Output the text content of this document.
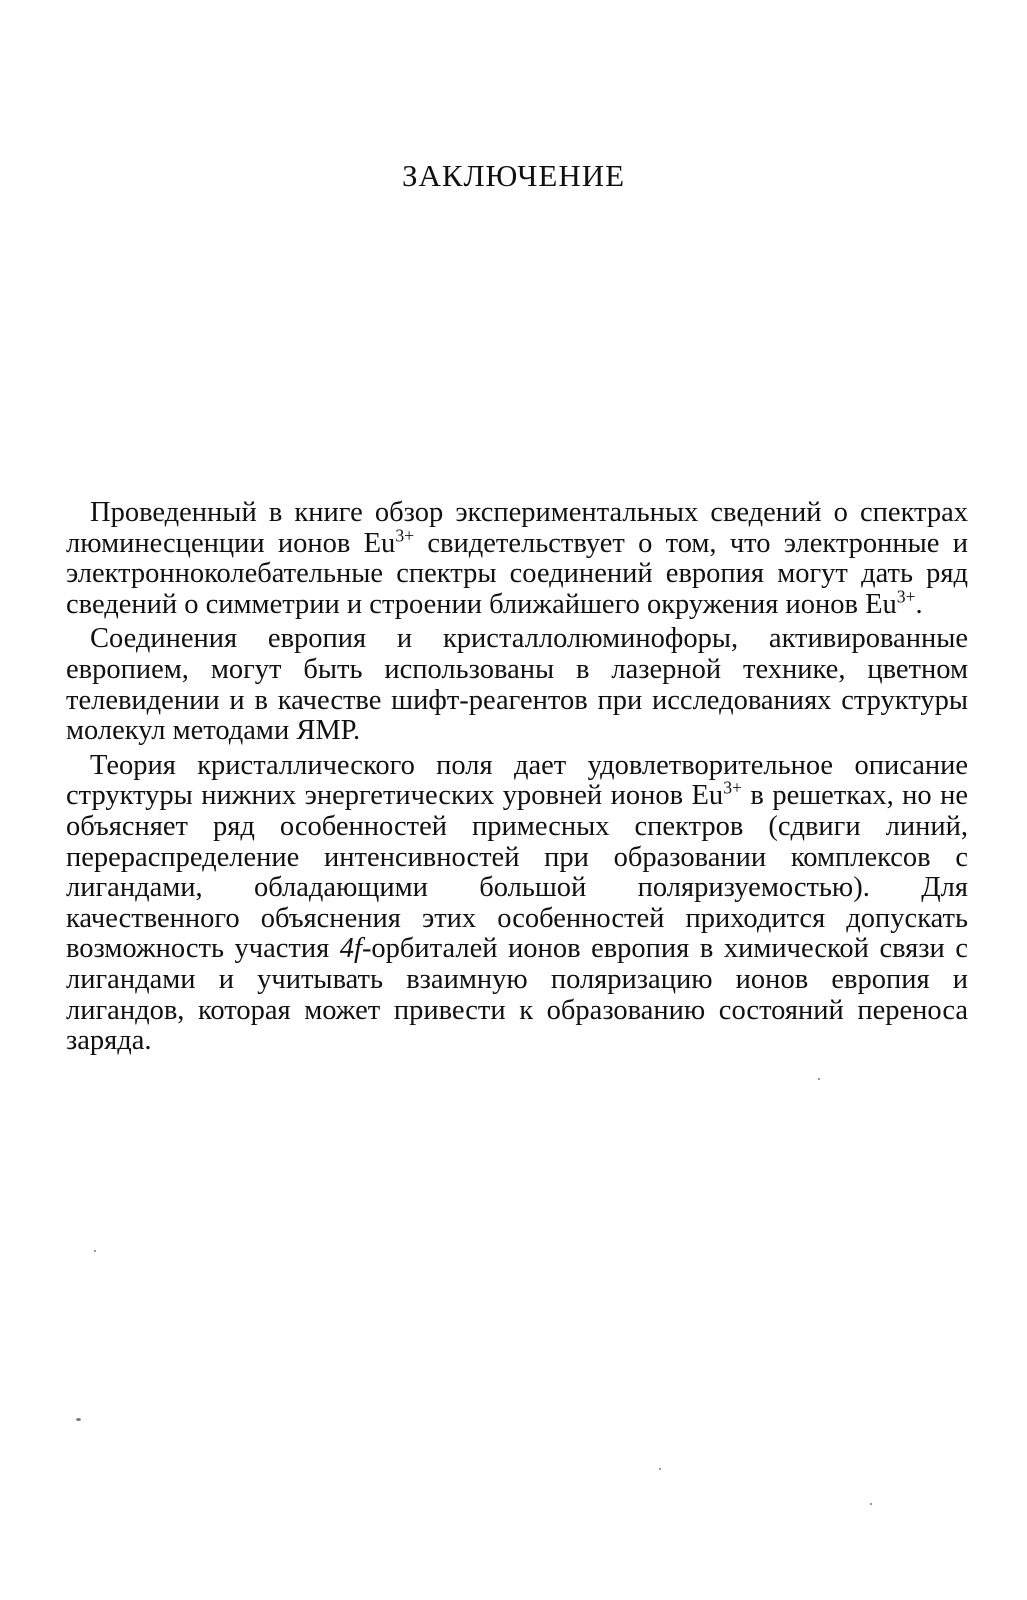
ЗАКЛЮЧЕНИЕ

Проведенный в книге обзор экспериментальных сведений о спектрах люминесценции ионов $Eu^{3+}$ свидетельствует о том, что электронные и электронноколебательные спектры соединений европия могут дать ряд сведений о симметрии и строении ближайшего окружения ионов $Eu^{3+}$.

Соединения европия и кристаллолюминофоры, активированные европием, могут быть использованы в лазерной технике, цветном телевидении и в качестве шифт-реагентов при исследованиях структуры молекул методами ЯМР.

Теория кристаллического поля дает удовлетворительное описание структуры нижних энергетических уровней ионов $Eu^{3+}$ в решетках, но не объясняет ряд особенностей примесных спектров (сдвиги линий, перераспределение интенсивностей при образовании комплексов с лигандами, обладающими большой поляризуемостью). Для качественного объяснения этих особенностей приходится допускать возможность участия 4f-орбиталей ионов европия в химической связи с лигандами и учитывать взаимную поляризацию ионов европия и лигандов, которая может привести к образованию состояний переноса заряда.
